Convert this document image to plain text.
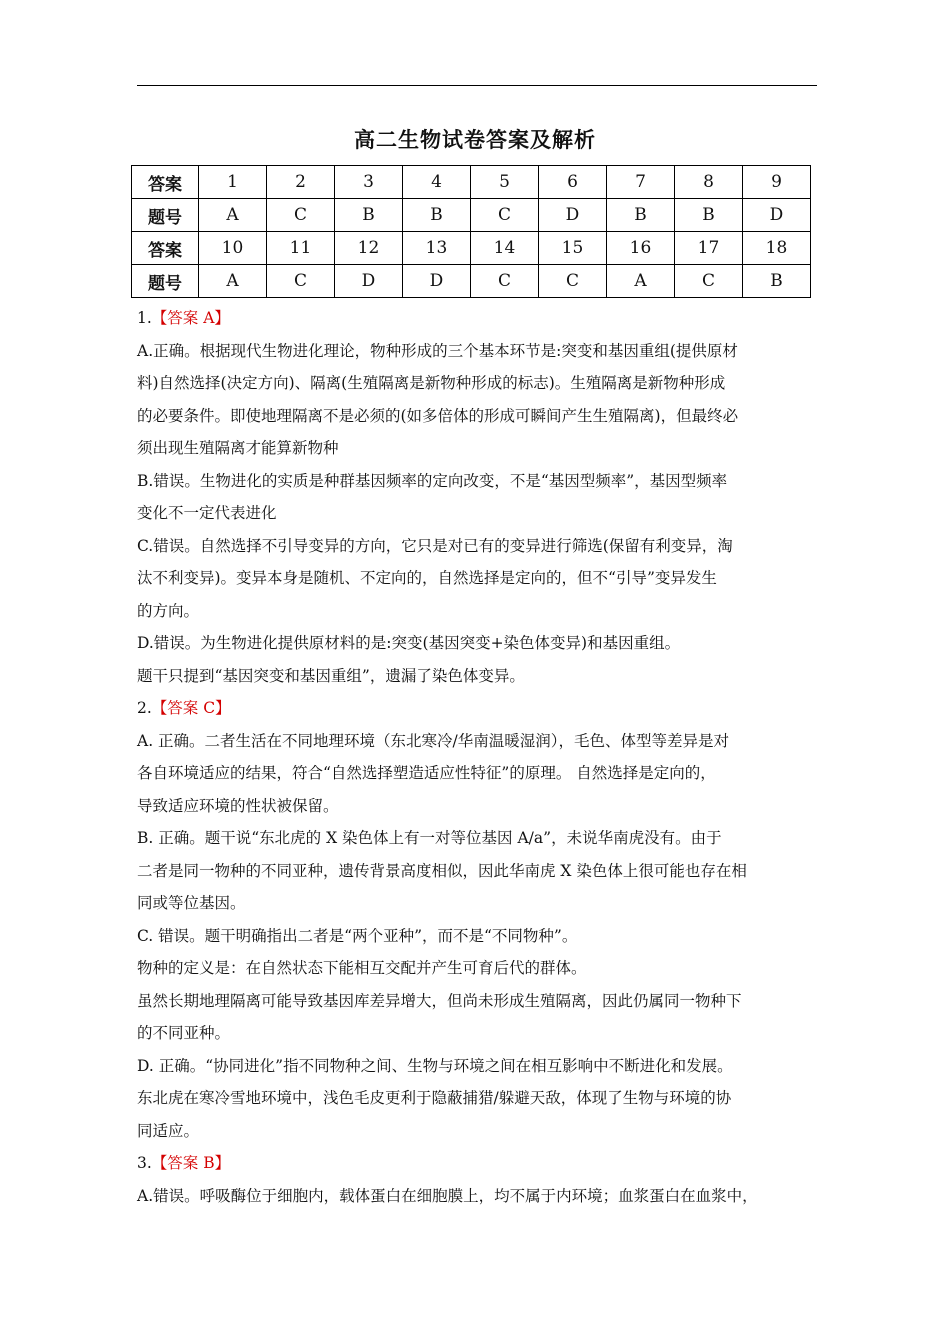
高二生物试卷答案及解析
答案	1	2	3	4	5	6	7	8	9
题号	A	C	B	B	C	D	B	B	D
答案	10	11	12	13	14	15	16	17	18
题号	A	C	D	D	C	C	A	C	B

1.【答案 A】

A.正确。根据现代生物进化理论，物种形成的三个基本环节是:突变和基因重组(提供原材

料)自然选择(决定方向)、隔离(生殖隔离是新物种形成的标志)。生殖隔离是新物种形成

的必要条件。即使地理隔离不是必须的(如多倍体的形成可瞬间产生生殖隔离)，但最终必

须出现生殖隔离才能算新物种

B.错误。生物进化的实质是种群基因频率的定向改变，不是“基因型频率”，基因型频率

变化不一定代表进化

C.错误。自然选择不引导变异的方向，它只是对已有的变异进行筛选(保留有利变异，淘

汰不利变异)。变异本身是随机、不定向的，自然选择是定向的，但不“引导”变异发生

的方向。

D.错误。为生物进化提供原材料的是:突变(基因突变+染色体变异)和基因重组。

题干只提到“基因突变和基因重组”，遗漏了染色体变异。

2.【答案 C】

A. 正确。二者生活在不同地理环境（东北寒冷/华南温暖湿润），毛色、体型等差异是对

各自环境适应的结果，符合“自然选择塑造适应性特征”的原理。 自然选择是定向的，

导致适应环境的性状被保留。

B. 正确。题干说“东北虎的 X 染色体上有一对等位基因 A/a”，未说华南虎没有。由于

二者是同一物种的不同亚种，遗传背景高度相似，因此华南虎 X 染色体上很可能也存在相

同或等位基因。

C. 错误。题干明确指出二者是“两个亚种”，而不是“不同物种”。

物种的定义是：在自然状态下能相互交配并产生可育后代的群体。

虽然长期地理隔离可能导致基因库差异增大，但尚未形成生殖隔离，因此仍属同一物种下

的不同亚种。

D. 正确。“协同进化”指不同物种之间、生物与环境之间在相互影响中不断进化和发展。

东北虎在寒冷雪地环境中，浅色毛皮更利于隐蔽捕猎/躲避天敌，体现了生物与环境的协

同适应。

3.【答案 B】

A.错误。呼吸酶位于细胞内，载体蛋白在细胞膜上，均不属于内环境；血浆蛋白在血浆中，
